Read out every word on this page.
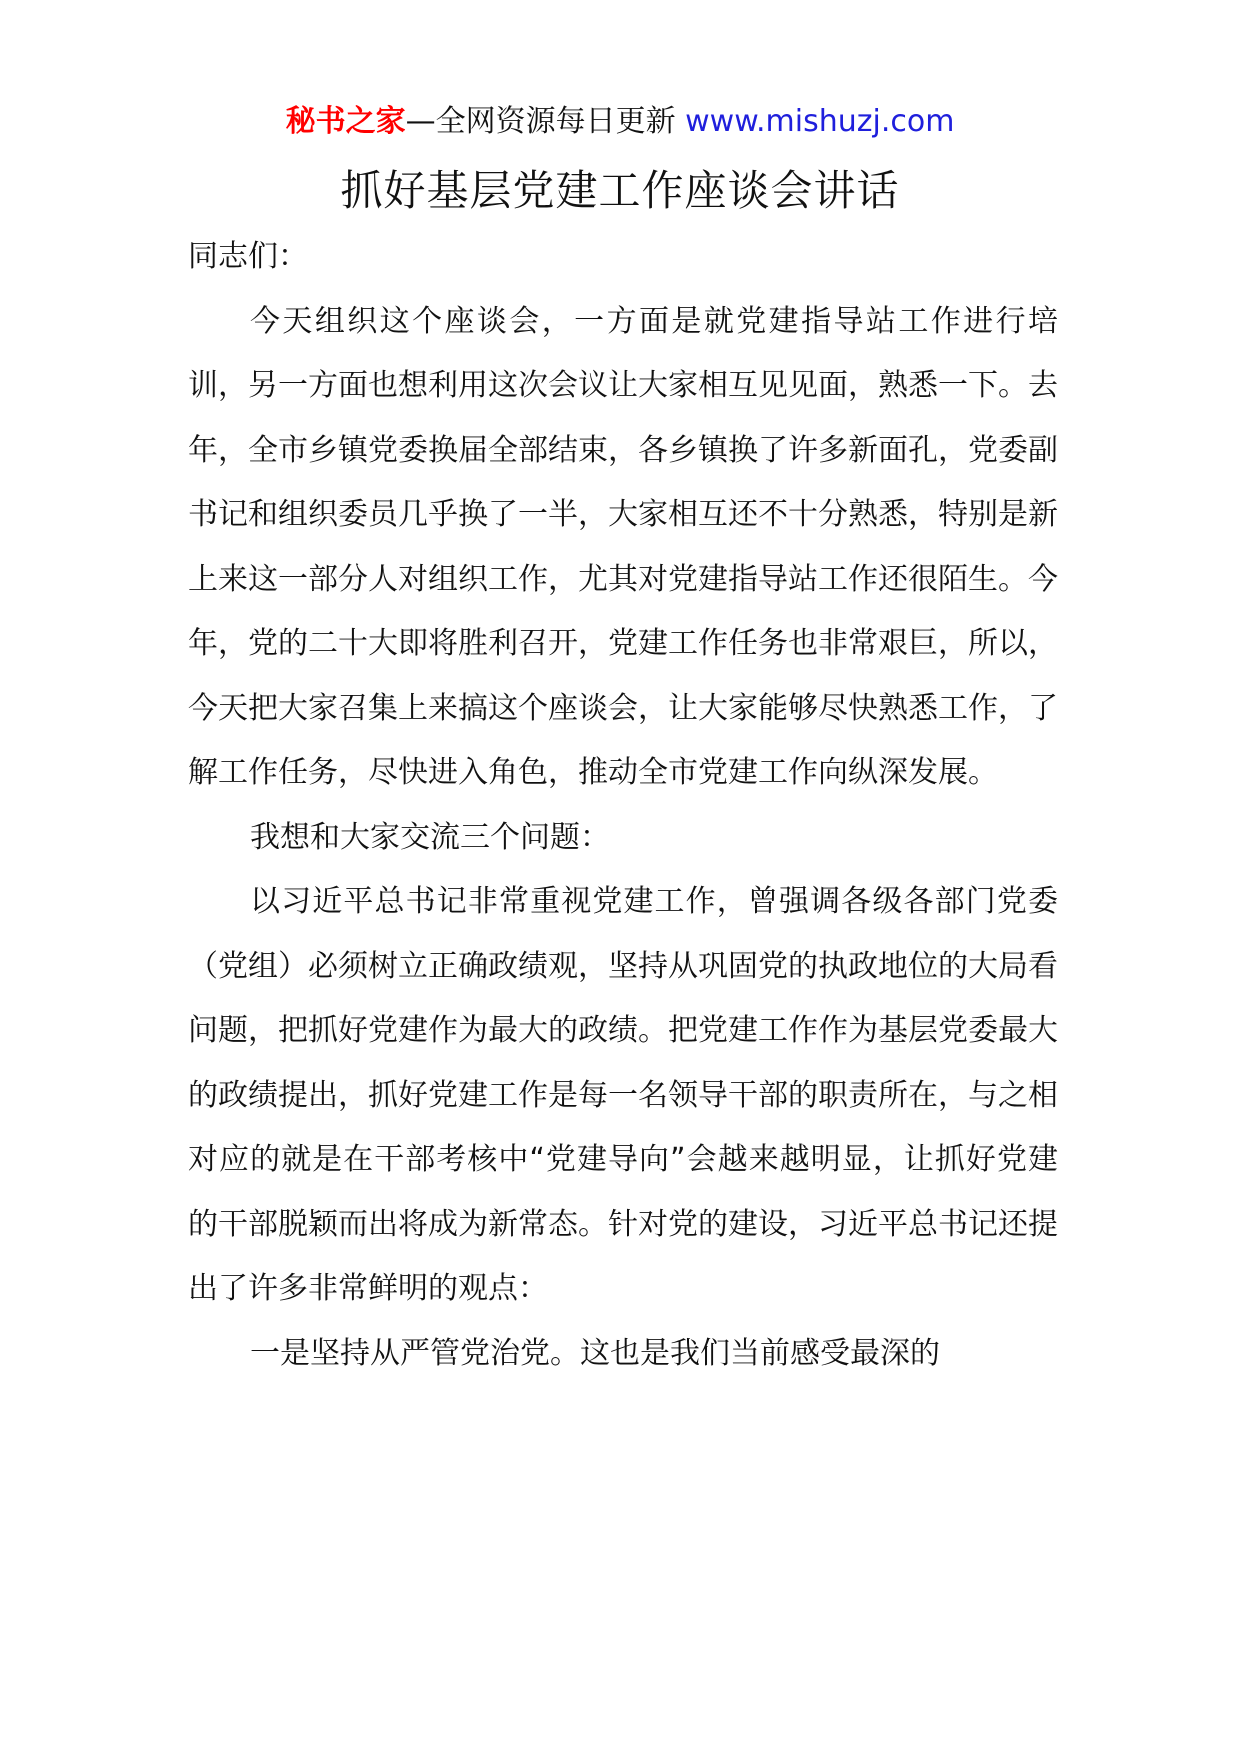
秘书之家—全网资源每日更新 www.mishuzj.com
抓好基层党建工作座谈会讲话

同志们：

今天组织这个座谈会，一方面是就党建指导站工作进行培训，另一方面也想利用这次会议让大家相互见见面，熟悉一下。去年，全市乡镇党委换届全部结束，各乡镇换了许多新面孔，党委副书记和组织委员几乎换了一半，大家相互还不十分熟悉，特别是新上来这一部分人对组织工作，尤其对党建指导站工作还很陌生。今年，党的二十大即将胜利召开，党建工作任务也非常艰巨，所以，今天把大家召集上来搞这个座谈会，让大家能够尽快熟悉工作，了解工作任务，尽快进入角色，推动全市党建工作向纵深发展。

我想和大家交流三个问题：

以习近平总书记非常重视党建工作，曾强调各级各部门党委（党组）必须树立正确政绩观，坚持从巩固党的执政地位的大局看问题，把抓好党建作为最大的政绩。把党建工作作为基层党委最大的政绩提出，抓好党建工作是每一名领导干部的职责所在，与之相对应的就是在干部考核中“党建导向”会越来越明显，让抓好党建的干部脱颖而出将成为新常态。针对党的建设，习近平总书记还提出了许多非常鲜明的观点：

一是坚持从严管党治党。这也是我们当前感受最深的
